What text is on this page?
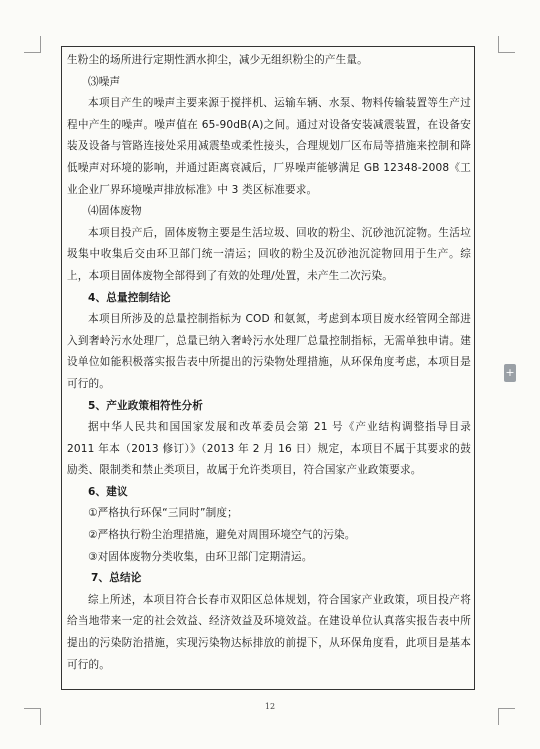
生粉尘的场所进行定期性洒水抑尘，减少无组织粉尘的产生量。

⑶噪声

本项目产生的噪声主要来源于搅拌机、运输车辆、水泵、物料传输装置等生产过程中产生的噪声。噪声值在 65-90dB(A)之间。通过对设备安装减震装置，在设备安装及设备与管路连接处采用减震垫或柔性接头，合理规划厂区布局等措施来控制和降低噪声对环境的影响，并通过距离衰减后，厂界噪声能够满足 GB 12348-2008《工业企业厂界环境噪声排放标准》中 3 类区标准要求。

⑷固体废物

本项目投产后，固体废物主要是生活垃圾、回收的粉尘、沉砂池沉淀物。生活垃圾集中收集后交由环卫部门统一清运；回收的粉尘及沉砂池沉淀物回用于生产。综上，本项目固体废物全部得到了有效的处理/处置，未产生二次污染。

4、总量控制结论

本项目所涉及的总量控制指标为 COD 和氨氮，考虑到本项目废水经管网全部进入到奢岭污水处理厂，总量已纳入奢岭污水处理厂总量控制指标，无需单独申请。建设单位如能积极落实报告表中所提出的污染物处理措施，从环保角度考虑，本项目是可行的。

5、产业政策相符性分析

据中华人民共和国国家发展和改革委员会第 21 号《产业结构调整指导目录 2011 年本（2013 修订）》（2013 年 2 月 16 日）规定，本项目不属于其要求的鼓励类、限制类和禁止类项目，故属于允许类项目，符合国家产业政策要求。

6、建议

①严格执行环保“三同时”制度；

②严格执行粉尘治理措施，避免对周围环境空气的污染。

③对固体废物分类收集，由环卫部门定期清运。

7、总结论

综上所述，本项目符合长春市双阳区总体规划，符合国家产业政策，项目投产将给当地带来一定的社会效益、经济效益及环境效益。在建设单位认真落实报告表中所提出的污染防治措施，实现污染物达标排放的前提下，从环保角度看，此项目是基本可行的。

+
12
